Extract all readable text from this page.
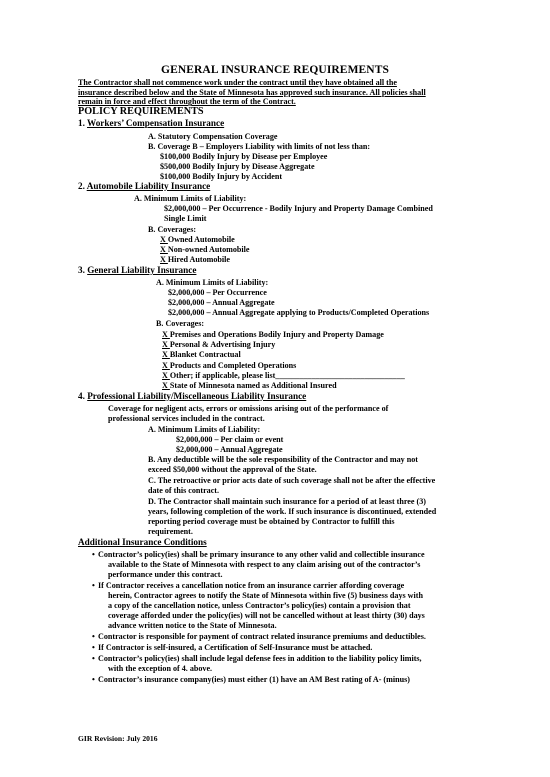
GENERAL INSURANCE REQUIREMENTS
The Contractor shall not commence work under the contract until they have obtained all the
insurance described below and the State of Minnesota has approved such insurance. All policies shall
remain in force and effect throughout the term of the Contract.
POLICY REQUIREMENTS
1. Workers’ Compensation Insurance
A. Statutory Compensation Coverage
B. Coverage B – Employers Liability with limits of not less than:
$100,000 Bodily Injury by Disease per Employee
$500,000 Bodily Injury by Disease Aggregate
$100,000 Bodily Injury by Accident
2. Automobile Liability Insurance
A. Minimum Limits of Liability:
$2,000,000 – Per Occurrence - Bodily Injury and Property Damage Combined
Single Limit
B. Coverages:
X Owned Automobile
X Non-owned Automobile
X Hired Automobile
3. General Liability Insurance
A. Minimum Limits of Liability:
$2,000,000 – Per Occurrence
$2,000,000 – Annual Aggregate
$2,000,000 – Annual Aggregate applying to Products/Completed Operations
B. Coverages:
X Premises and Operations Bodily Injury and Property Damage
X Personal & Advertising Injury
X Blanket Contractual
X Products and Completed Operations
X Other; if applicable, please list________________________________
X State of Minnesota named as Additional Insured
4. Professional Liability/Miscellaneous Liability Insurance
Coverage for negligent acts, errors or omissions arising out of the performance of
professional services included in the contract.
A. Minimum Limits of Liability:
$2,000,000 – Per claim or event
$2,000,000 – Annual Aggregate
B. Any deductible will be the sole responsibility of the Contractor and may not
exceed $50,000 without the approval of the State.
C. The retroactive or prior acts date of such coverage shall not be after the effective
date of this contract.
D. The Contractor shall maintain such insurance for a period of at least three (3)
years, following completion of the work. If such insurance is discontinued, extended
reporting period coverage must be obtained by Contractor to fulfill this
requirement.
Additional Insurance Conditions
• Contractor’s policy(ies) shall be primary insurance to any other valid and collectible insurance
available to the State of Minnesota with respect to any claim arising out of the contractor’s
performance under this contract.
• If Contractor receives a cancellation notice from an insurance carrier affording coverage
herein, Contractor agrees to notify the State of Minnesota within five (5) business days with
a copy of the cancellation notice, unless Contractor’s policy(ies) contain a provision that
coverage afforded under the policy(ies) will not be cancelled without at least thirty (30) days
advance written notice to the State of Minnesota.
• Contractor is responsible for payment of contract related insurance premiums and deductibles.
• If Contractor is self-insured, a Certification of Self-Insurance must be attached.
• Contractor’s policy(ies) shall include legal defense fees in addition to the liability policy limits,
with the exception of 4. above.
• Contractor’s insurance company(ies) must either (1) have an AM Best rating of A- (minus)
GIR Revision: July 2016
